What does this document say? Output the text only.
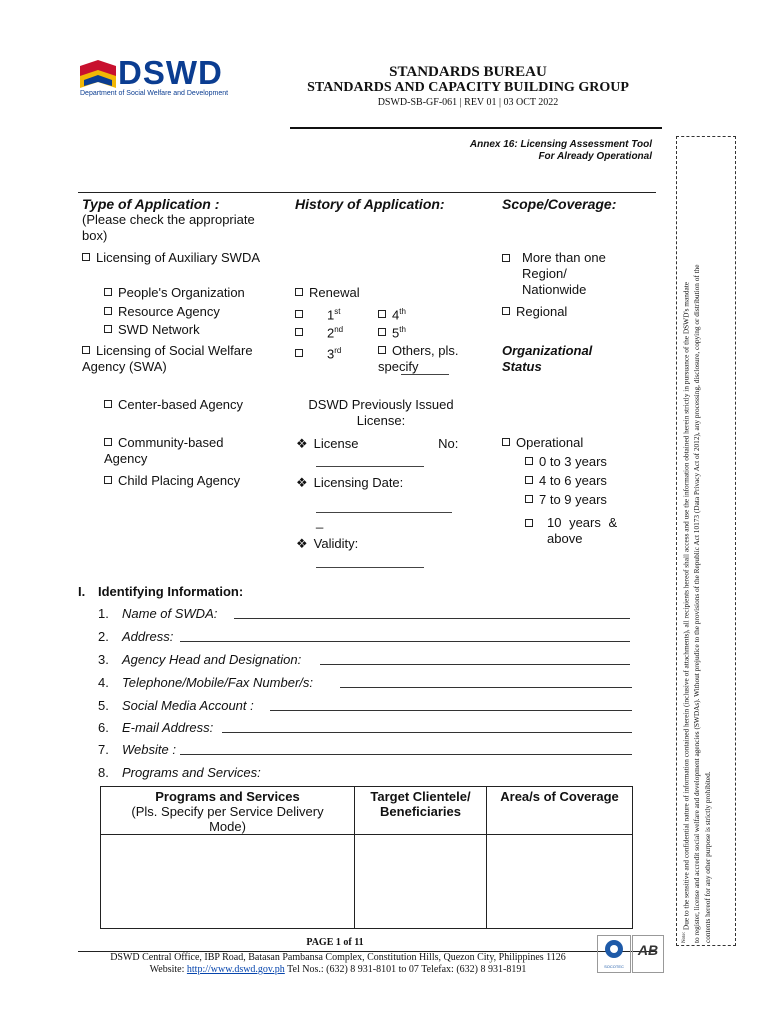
DSWD
Department of Social Welfare and Development
STANDARDS BUREAU
STANDARDS AND CAPACITY BUILDING GROUP
DSWD-SB-GF-061 | REV 01 | 03 OCT 2022
Annex 16: Licensing Assessment Tool
For Already Operational
Type of Application :
(Please check the appropriate box)
Licensing of Auxiliary SWDA
People's Organization
Resource Agency
SWD Network
Licensing of Social Welfare Agency (SWA)
Center-based Agency
Community-based Agency
Child Placing Agency
History of Application:
Renewal
1st
2nd
3rd
4th
5th
Others, pls. specify
DSWD Previously Issued License:
❖ License No:
❖ Licensing Date:
_
❖ Validity:
Scope/Coverage:
More than one Region/ Nationwide
Regional
Organizational Status
Operational
0 to 3 years
4 to 6 years
7 to 9 years
10 years & above
I. Identifying Information:
1. Name of SWDA:
2. Address:
3. Agency Head and Designation:
4. Telephone/Mobile/Fax Number/s:
5. Social Media Account :
6. E-mail Address:
7. Website :
8. Programs and Services:
Programs and Services
(Pls. Specify per Service Delivery Mode)
Target Clientele/ Beneficiaries
Area/s of Coverage
PAGE 1 of 11
DSWD Central Office, IBP Road, Batasan Pambansa Complex, Constitution Hills, Quezon City, Philippines 1126
Website: http://www.dswd.gov.ph Tel Nos.: (632) 8 931-8101 to 07 Telefax: (632) 8 931-8191	SOCOTEC
AB
$^{Note:}$ Due to the sensitive and confidential nature of information contained herein (inclusive of attachments), all recipients hereof shall access and use the information obtained herein strictly in pursuance of the DSWD's mandate to register, license and accredit social welfare and development agencies (SWDAs). Without prejudice to the provisions of the Republic Act 10173 (Data Privacy Act of 2012), any processing, disclosure, copying or distribution of the contents hereof for any other purpose is strictly prohibited.
